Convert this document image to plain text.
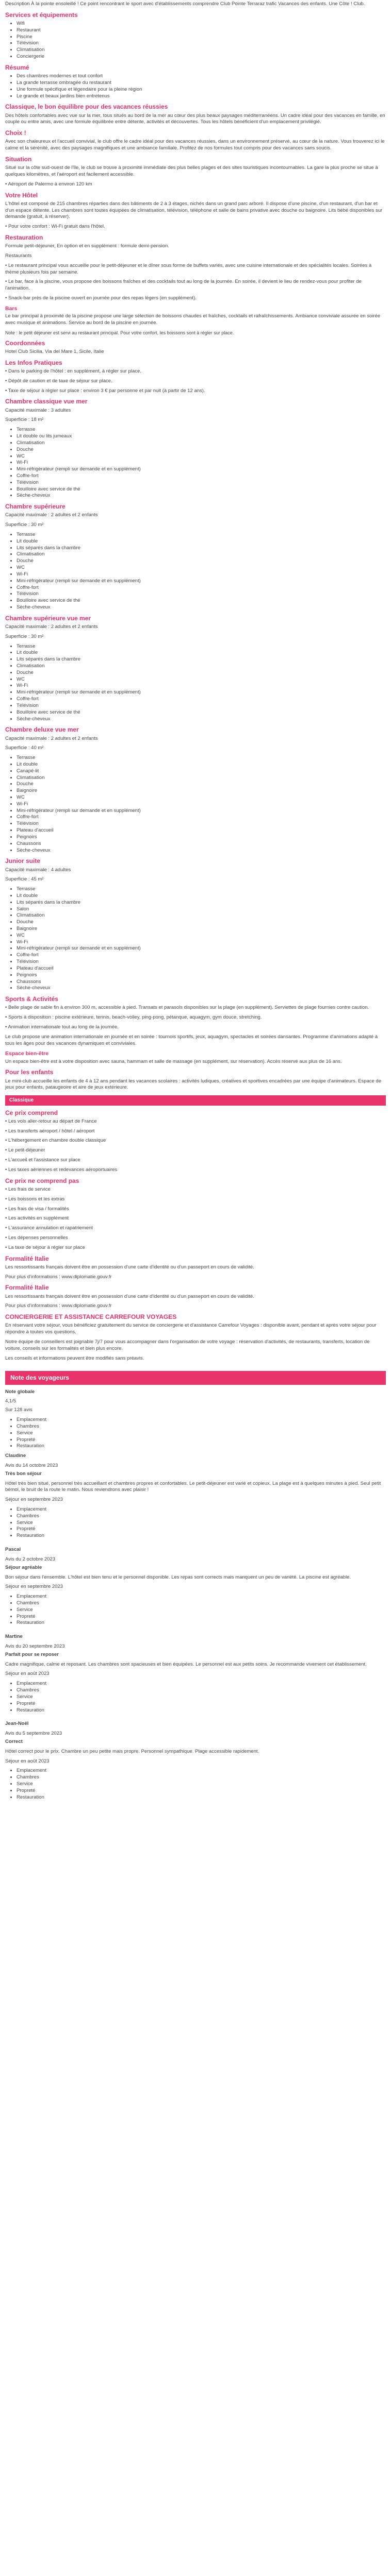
Description À la pointe ensoleillé ! Ce point rencontrant le sport avec d'établissements comprendre Club Pointe Terraraz trafic Vacances des enfants. Une Côte ! Club.

Services et équipements
• Wifi
• Restaurant
• Piscine
• Télévision
• Climatisation
• Conciergerie
Résumé
• Des chambres modernes et tout confort
• La grande terrasse ombragée du restaurant
• Une formule spécifique et légendaire pour la pleine région
• Le grande et beaux jardins bien entretenus
Classique, le bon équilibre pour des vacances réussies

Des hôtels confortables avec vue sur la mer, tous situés au bord de la mer au cœur des plus beaux paysages méditerranéens. Un cadre idéal pour des vacances en famille, en couple ou entre amis, avec une formule équilibrée entre détente, activités et découvertes. Tous les hôtels bénéficient d'un emplacement privilégié.

Choix !

Avec son chaleureux et l'accueil convivial, le club offre le cadre idéal pour des vacances réussies, dans un environnement préservé, au cœur de la nature. Vous trouverez ici le calme et la sérénité, avec des paysages magnifiques et une ambiance familiale. Profitez de nos formules tout compris pour des vacances sans soucis.

Situation

Situé sur la côte sud-ouest de l'île, le club se trouve à proximité immédiate des plus belles plages et des sites touristiques incontournables. La gare la plus proche se situe à quelques kilomètres, et l'aéroport est facilement accessible.

• Aéroport de Palermo à environ 120 km

Votre Hôtel

L'hôtel est composé de 215 chambres réparties dans des bâtiments de 2 à 3 étages, nichés dans un grand parc arboré. Il dispose d'une piscine, d'un restaurant, d'un bar et d'un espace détente. Les chambres sont toutes équipées de climatisation, télévision, téléphone et salle de bains privative avec douche ou baignoire. Lits bébé disponibles sur demande (gratuit, à réserver).

• Pour votre confort : Wi-Fi gratuit dans l'hôtel.

Restauration

Formule petit-déjeuner, En option et en supplément : formule demi-pension.

Restaurants

• Le restaurant principal vous accueille pour le petit-déjeuner et le dîner sous forme de buffets variés, avec une cuisine internationale et des spécialités locales. Soirées à thème plusieurs fois par semaine.

• Le bar, face à la piscine, vous propose des boissons fraîches et des cocktails tout au long de la journée. En soirée, il devient le lieu de rendez-vous pour profiter de l'animation.

• Snack-bar près de la piscine ouvert en journée pour des repas légers (en supplément).

Bars

Le bar principal à proximité de la piscine propose une large sélection de boissons chaudes et fraîches, cocktails et rafraîchissements. Ambiance conviviale assurée en soirée avec musique et animations. Service au bord de la piscine en journée.

Note : le petit déjeuner est servi au restaurant principal. Pour votre confort, les boissons sont à régler sur place.

Coordonnées

Hotel Club Sicilia, Via del Mare 1, Sicile, Italie

Les Infos Pratiques

• Dans le parking de l'hôtel : en supplément, à régler sur place.

• Dépôt de caution et de taxe de séjour sur place.

• Taxe de séjour à régler sur place : environ 3 € par personne et par nuit (à partir de 12 ans).

Chambre classique vue mer

Capacité maximale : 3 adultes

Superficie : 18 m²

• Terrasse
• Lit double ou lits jumeaux
• Climatisation
• Douche
• WC
• Wi-Fi
• Mini-réfrigérateur (rempli sur demande et en supplément)
• Coffre-fort
• Télévision
• Bouilloire avec service de thé
• Sèche-cheveux
Chambre supérieure

Capacité maximale : 2 adultes et 2 enfants

Superficie : 30 m²

• Terrasse
• Lit double
• Lits séparés dans la chambre
• Climatisation
• Douche
• WC
• Wi-Fi
• Mini-réfrigérateur (rempli sur demande et en supplément)
• Coffre-fort
• Télévision
• Bouilloire avec service de thé
• Sèche-cheveux
Chambre supérieure vue mer

Capacité maximale : 2 adultes et 2 enfants

Superficie : 30 m²

• Terrasse
• Lit double
• Lits séparés dans la chambre
• Climatisation
• Douche
• WC
• Wi-Fi
• Mini-réfrigérateur (rempli sur demande et en supplément)
• Coffre-fort
• Télévision
• Bouilloire avec service de thé
• Sèche-cheveux
Chambre deluxe vue mer

Capacité maximale : 2 adultes et 2 enfants

Superficie : 40 m²

• Terrasse
• Lit double
• Canapé-lit
• Climatisation
• Douche
• Baignoire
• WC
• Wi-Fi
• Mini-réfrigérateur (rempli sur demande et en supplément)
• Coffre-fort
• Télévision
• Plateau d'accueil
• Peignoirs
• Chaussons
• Sèche-cheveux
Junior suite

Capacité maximale : 4 adultes

Superficie : 45 m²

• Terrasse
• Lit double
• Lits séparés dans la chambre
• Salon
• Climatisation
• Douche
• Baignoire
• WC
• Wi-Fi
• Mini-réfrigérateur (rempli sur demande et en supplément)
• Coffre-fort
• Télévision
• Plateau d'accueil
• Peignoirs
• Chaussons
• Sèche-cheveux
Sports & Activités

• Belle plage de sable fin à environ 300 m, accessible à pied. Transats et parasols disponibles sur la plage (en supplément). Serviettes de plage fournies contre caution.

• Sports à disposition : piscine extérieure, tennis, beach-volley, ping-pong, pétanque, aquagym, gym douce, stretching.

• Animation internationale tout au long de la journée.

Le club propose une animation internationale en journée et en soirée : tournois sportifs, jeux, aquagym, spectacles et soirées dansantes. Programme d'animations adapté à tous les âges pour des vacances dynamiques et conviviales.

Espace bien-être

Un espace bien-être est à votre disposition avec sauna, hammam et salle de massage (en supplément, sur réservation). Accès réservé aux plus de 16 ans.

Pour les enfants

Le mini-club accueille les enfants de 4 à 12 ans pendant les vacances scolaires : activités ludiques, créatives et sportives encadrées par une équipe d'animateurs. Espace de jeux pour enfants, pataugeoire et aire de jeux extérieure.

Classique
Ce prix comprend

• Les vols aller-retour au départ de France

• Les transferts aéroport / hôtel / aéroport

• L'hébergement en chambre double classique

• Le petit-déjeuner

• L'accueil et l'assistance sur place

• Les taxes aériennes et redevances aéroportuaires

Ce prix ne comprend pas

• Les frais de service

• Les boissons et les extras

• Les frais de visa / formalités

• Les activités en supplément

• L'assurance annulation et rapatriement

• Les dépenses personnelles

• La taxe de séjour à régler sur place

Formalité Italie

Les ressortissants français doivent être en possession d'une carte d'identité ou d'un passeport en cours de validité.

Pour plus d'informations : www.diplomatie.gouv.fr

Formalité Italie

Les ressortissants français doivent être en possession d'une carte d'identité ou d'un passeport en cours de validité.

Pour plus d'informations : www.diplomatie.gouv.fr

CONCIERGERIE ET ASSISTANCE CARREFOUR VOYAGES

En réservant votre séjour, vous bénéficiez gratuitement du service de conciergerie et d'assistance Carrefour Voyages : disponible avant, pendant et après votre séjour pour répondre à toutes vos questions.

Notre équipe de conseillers est joignable 7j/7 pour vous accompagner dans l'organisation de votre voyage : réservation d'activités, de restaurants, transferts, location de voiture, conseils sur les formalités et bien plus encore.

Les conseils et informations peuvent être modifiés sans préavis.

Note des voyageurs

Note globale

4,1/5

Sur 128 avis

• Emplacement
• Chambres
• Service
• Propreté
• Restauration

Claudine

Avis du 14 octobre 2023

Très bon séjour

Hôtel très bien situé, personnel très accueillant et chambres propres et confortables. Le petit-déjeuner est varié et copieux. La plage est à quelques minutes à pied. Seul petit bémol, le bruit de la route le matin. Nous reviendrons avec plaisir !

Séjour en septembre 2023

• Emplacement
• Chambres
• Service
• Propreté
• Restauration

Pascal

Avis du 2 octobre 2023

Séjour agréable

Bon séjour dans l'ensemble. L'hôtel est bien tenu et le personnel disponible. Les repas sont corrects mais manquent un peu de variété. La piscine est agréable.

Séjour en septembre 2023

• Emplacement
• Chambres
• Service
• Propreté
• Restauration

Martine

Avis du 20 septembre 2023

Parfait pour se reposer

Cadre magnifique, calme et reposant. Les chambres sont spacieuses et bien équipées. Le personnel est aux petits soins. Je recommande vivement cet établissement.

Séjour en août 2023

• Emplacement
• Chambres
• Service
• Propreté
• Restauration

Jean-Noël

Avis du 5 septembre 2023

Correct

Hôtel correct pour le prix. Chambre un peu petite mais propre. Personnel sympathique. Plage accessible rapidement.

Séjour en août 2023

• Emplacement
• Chambres
• Service
• Propreté
• Restauration
